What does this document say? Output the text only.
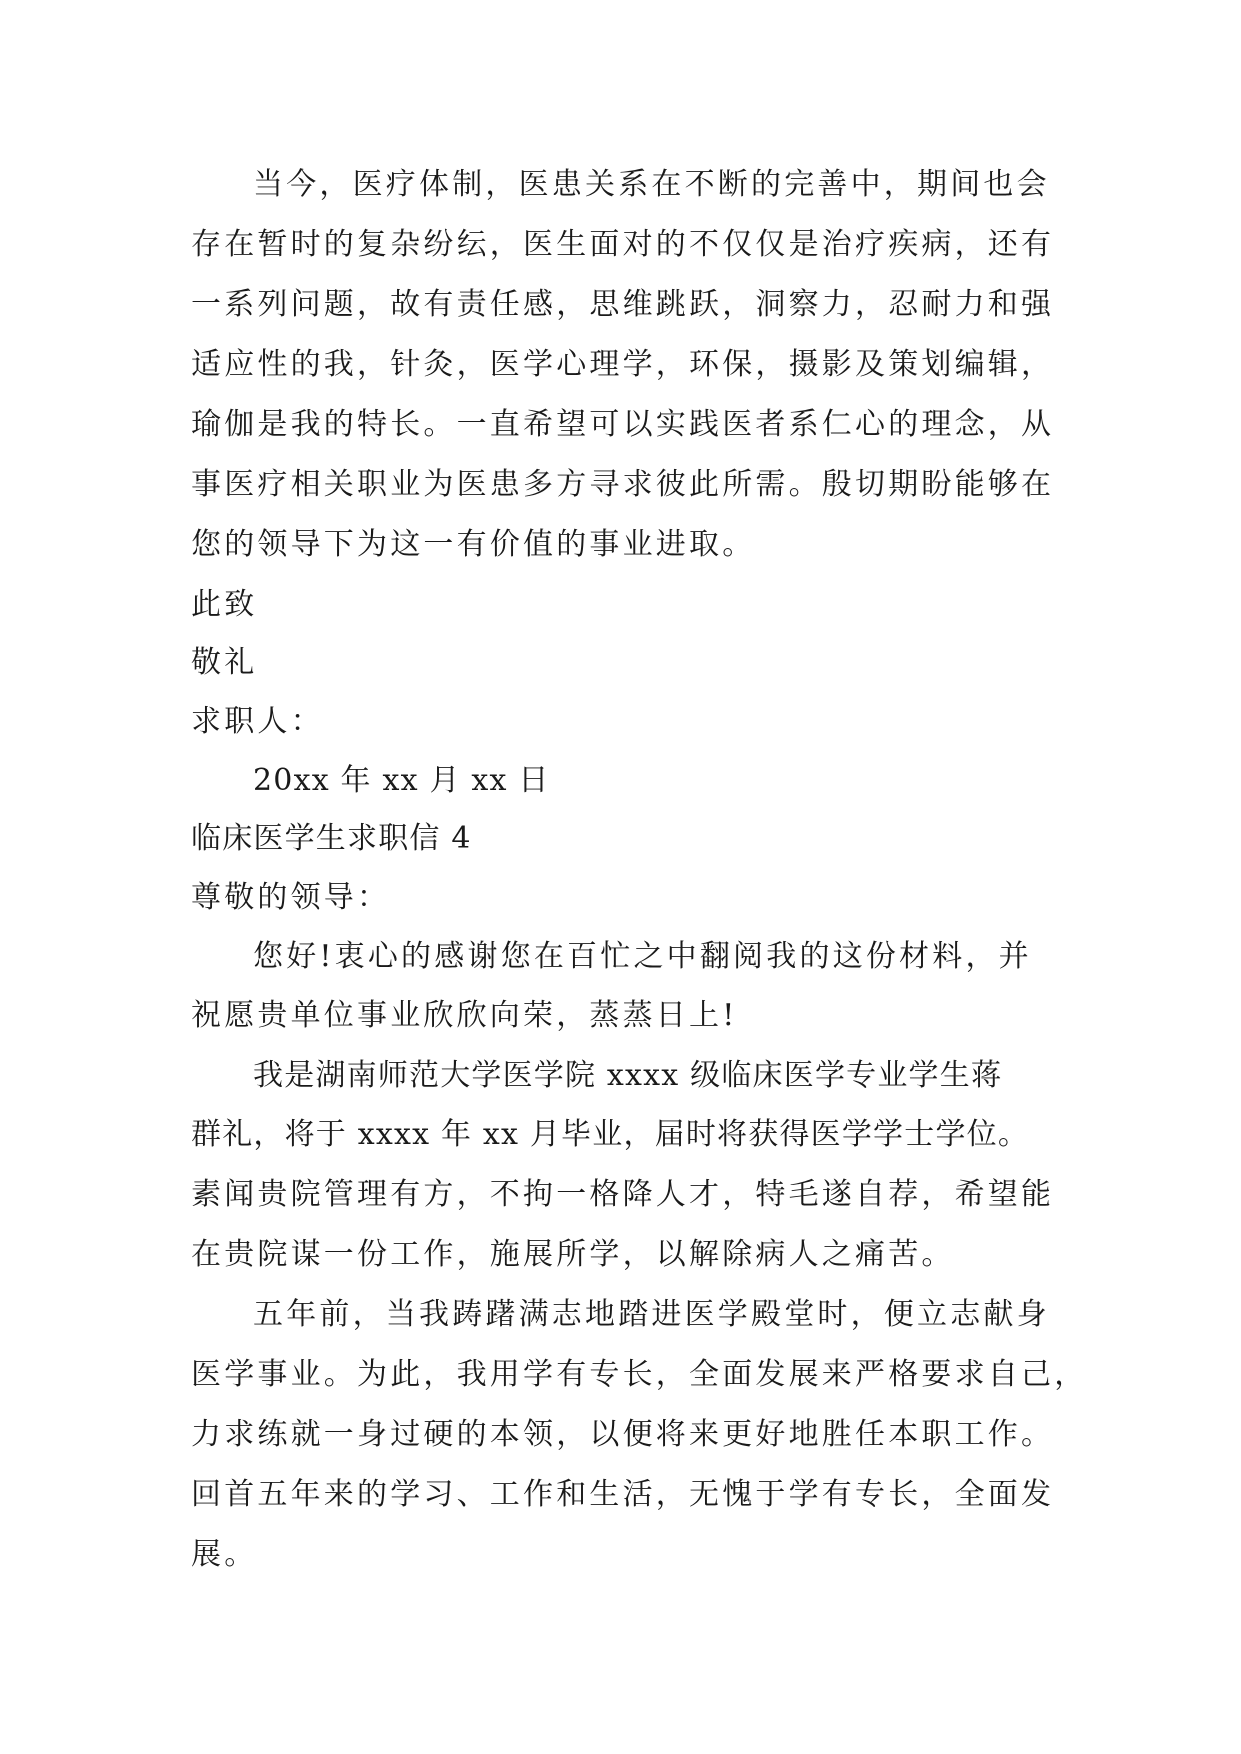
当今，医疗体制，医患关系在不断的完善中，期间也会
存在暂时的复杂纷纭，医生面对的不仅仅是治疗疾病，还有
一系列问题，故有责任感，思维跳跃，洞察力，忍耐力和强
适应性的我，针灸，医学心理学，环保，摄影及策划编辑，
瑜伽是我的特长。一直希望可以实践医者系仁心的理念，从
事医疗相关职业为医患多方寻求彼此所需。殷切期盼能够在
您的领导下为这一有价值的事业进取。
此致
敬礼
求职人：
20xx 年 xx 月 xx 日
临床医学生求职信 4
尊敬的领导：
您好!衷心的感谢您在百忙之中翻阅我的这份材料，并
祝愿贵单位事业欣欣向荣，蒸蒸日上!
我是湖南师范大学医学院 xxxx 级临床医学专业学生蒋
群礼，将于 xxxx 年 xx 月毕业，届时将获得医学学士学位。
素闻贵院管理有方，不拘一格降人才，特毛遂自荐，希望能
在贵院谋一份工作，施展所学，以解除病人之痛苦。
五年前，当我踌躇满志地踏进医学殿堂时，便立志献身
医学事业。为此，我用学有专长，全面发展来严格要求自己，
力求练就一身过硬的本领，以便将来更好地胜任本职工作。
回首五年来的学习、工作和生活，无愧于学有专长，全面发
展。
